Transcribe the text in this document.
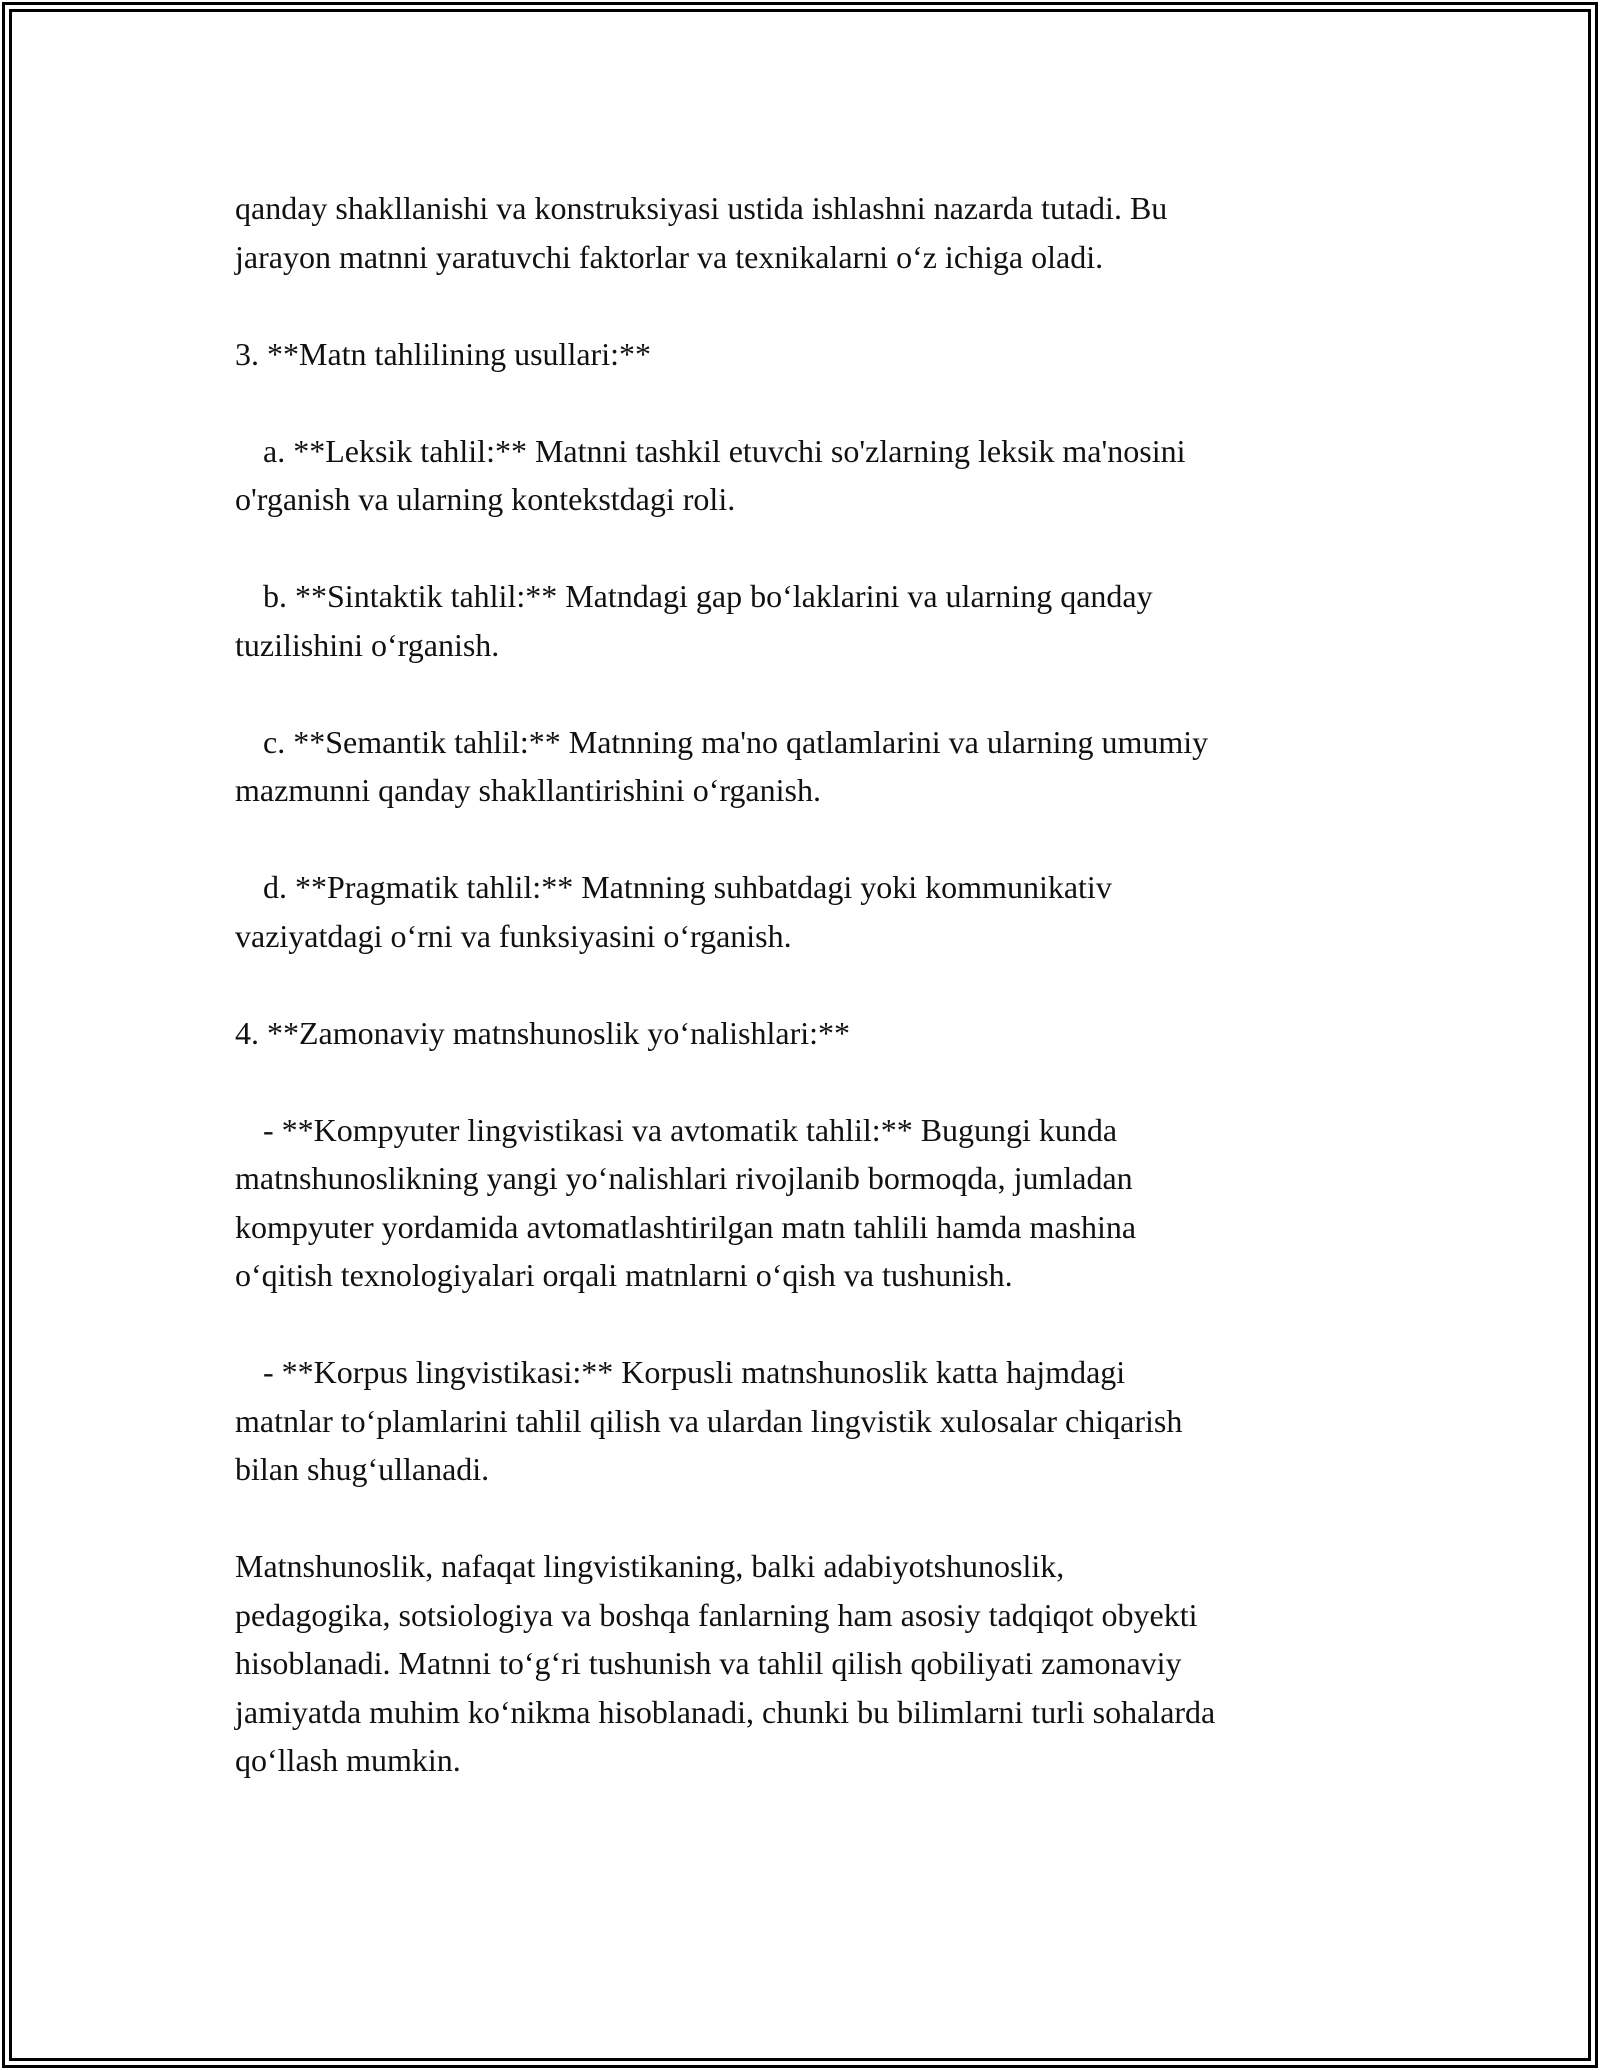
qanday shakllanishi va konstruksiyasi ustida ishlashni nazarda tutadi. Bu
jarayon matnni yaratuvchi faktorlar va texnikalarni o‘z ichiga oladi.

3. **Matn tahlilining usullari:**

a. **Leksik tahlil:** Matnni tashkil etuvchi so'zlarning leksik ma'nosini
o'rganish va ularning kontekstdagi roli.

b. **Sintaktik tahlil:** Matndagi gap bo‘laklarini va ularning qanday
tuzilishini o‘rganish.

c. **Semantik tahlil:** Matnning ma'no qatlamlarini va ularning umumiy
mazmunni qanday shakllantirishini o‘rganish.

d. **Pragmatik tahlil:** Matnning suhbatdagi yoki kommunikativ
vaziyatdagi o‘rni va funksiyasini o‘rganish.

4. **Zamonaviy matnshunoslik yo‘nalishlari:**

- **Kompyuter lingvistikasi va avtomatik tahlil:** Bugungi kunda
matnshunoslikning yangi yo‘nalishlari rivojlanib bormoqda, jumladan
kompyuter yordamida avtomatlashtirilgan matn tahlili hamda mashina
o‘qitish texnologiyalari orqali matnlarni o‘qish va tushunish.

- **Korpus lingvistikasi:** Korpusli matnshunoslik katta hajmdagi
matnlar to‘plamlarini tahlil qilish va ulardan lingvistik xulosalar chiqarish
bilan shug‘ullanadi.

Matnshunoslik, nafaqat lingvistikaning, balki adabiyotshunoslik,
pedagogika, sotsiologiya va boshqa fanlarning ham asosiy tadqiqot obyekti
hisoblanadi. Matnni to‘g‘ri tushunish va tahlil qilish qobiliyati zamonaviy
jamiyatda muhim ko‘nikma hisoblanadi, chunki bu bilimlarni turli sohalarda
qo‘llash mumkin.
